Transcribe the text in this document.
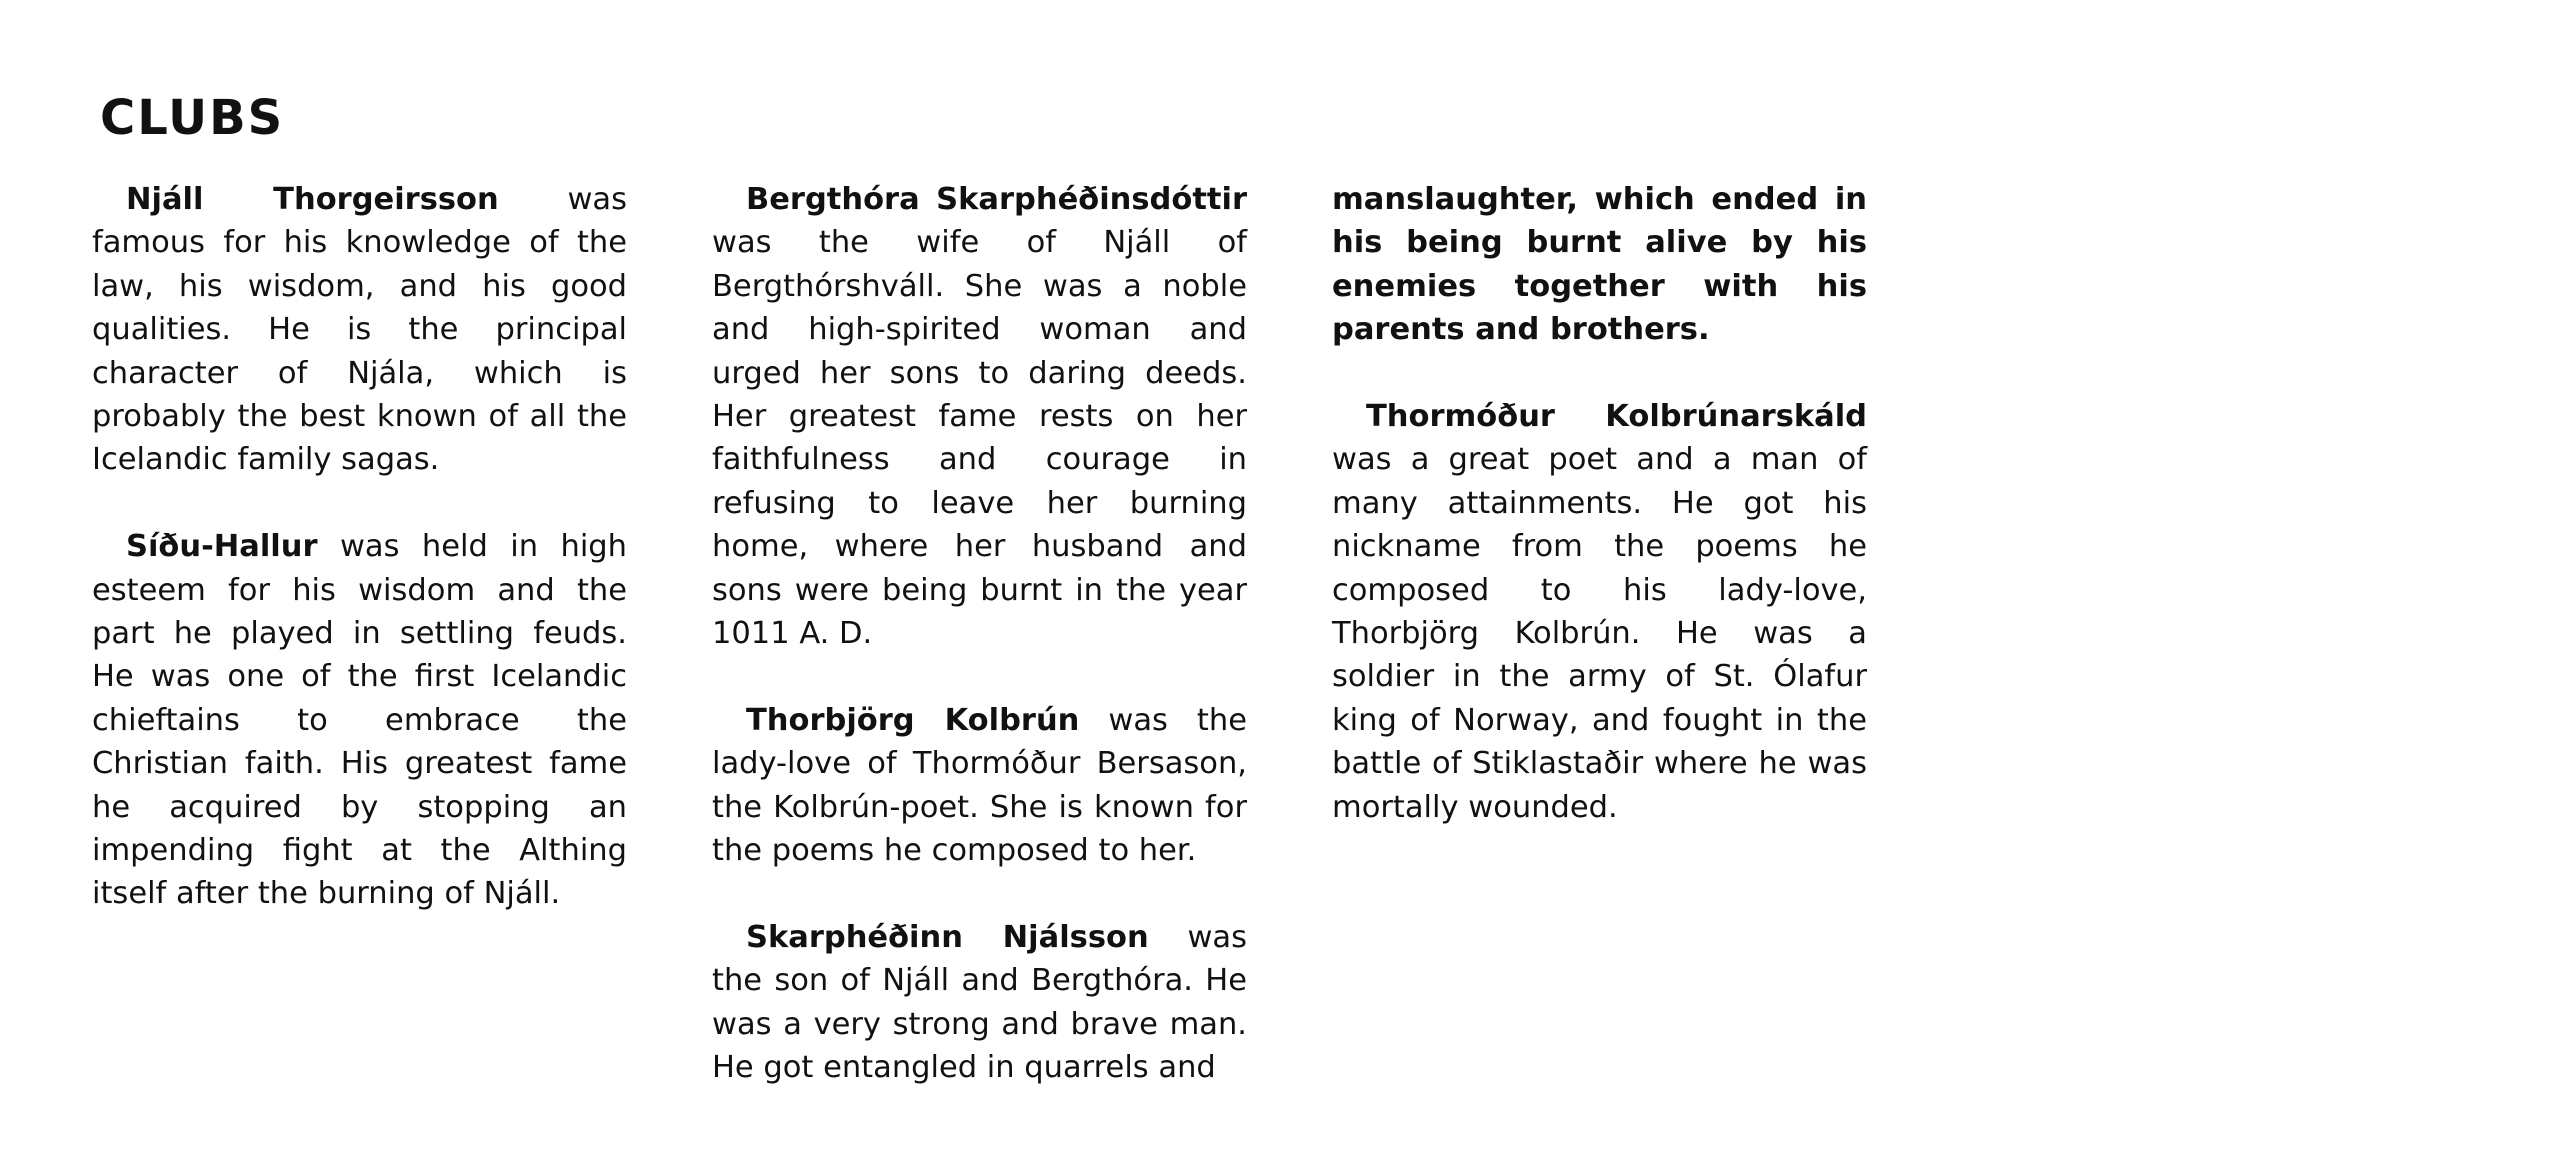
CLUBS

Njáll Thorgeirsson was famous for his knowledge of the law, his wisdom, and his good qualities. He is the principal character of Njála, which is probably the best known of all the Icelandic family sagas.

Síðu-Hallur was held in high esteem for his wisdom and the part he played in settling feuds. He was one of the first Icelandic chieftains to embrace the Christian faith. His greatest fame he acquired by stopping an impending fight at the Althing itself after the burning of Njáll.

Bergthóra Skarphéðinsdóttir was the wife of Njáll of Bergthórshváll. She was a noble and high-spirited woman and urged her sons to daring deeds. Her greatest fame rests on her faithfulness and courage in refusing to leave her burning home, where her husband and sons were being burnt in the year 1011 A. D.

Thorbjörg Kolbrún was the lady-love of Thormóður Bersason, the Kolbrún-poet. She is known for the poems he composed to her.

Skarphéðinn Njálsson was the son of Njáll and Bergthóra. He was a very strong and brave man. He got entangled in quarrels and

manslaughter, which ended in his being burnt alive by his enemies together with his parents and brothers.

Thormóður Kolbrúnarskáld was a great poet and a man of many attainments. He got his nickname from the poems he composed to his lady-love, Thorbjörg Kolbrún. He was a soldier in the army of St. Ólafur king of Norway, and fought in the battle of Stiklastaðir where he was mortally wounded.
